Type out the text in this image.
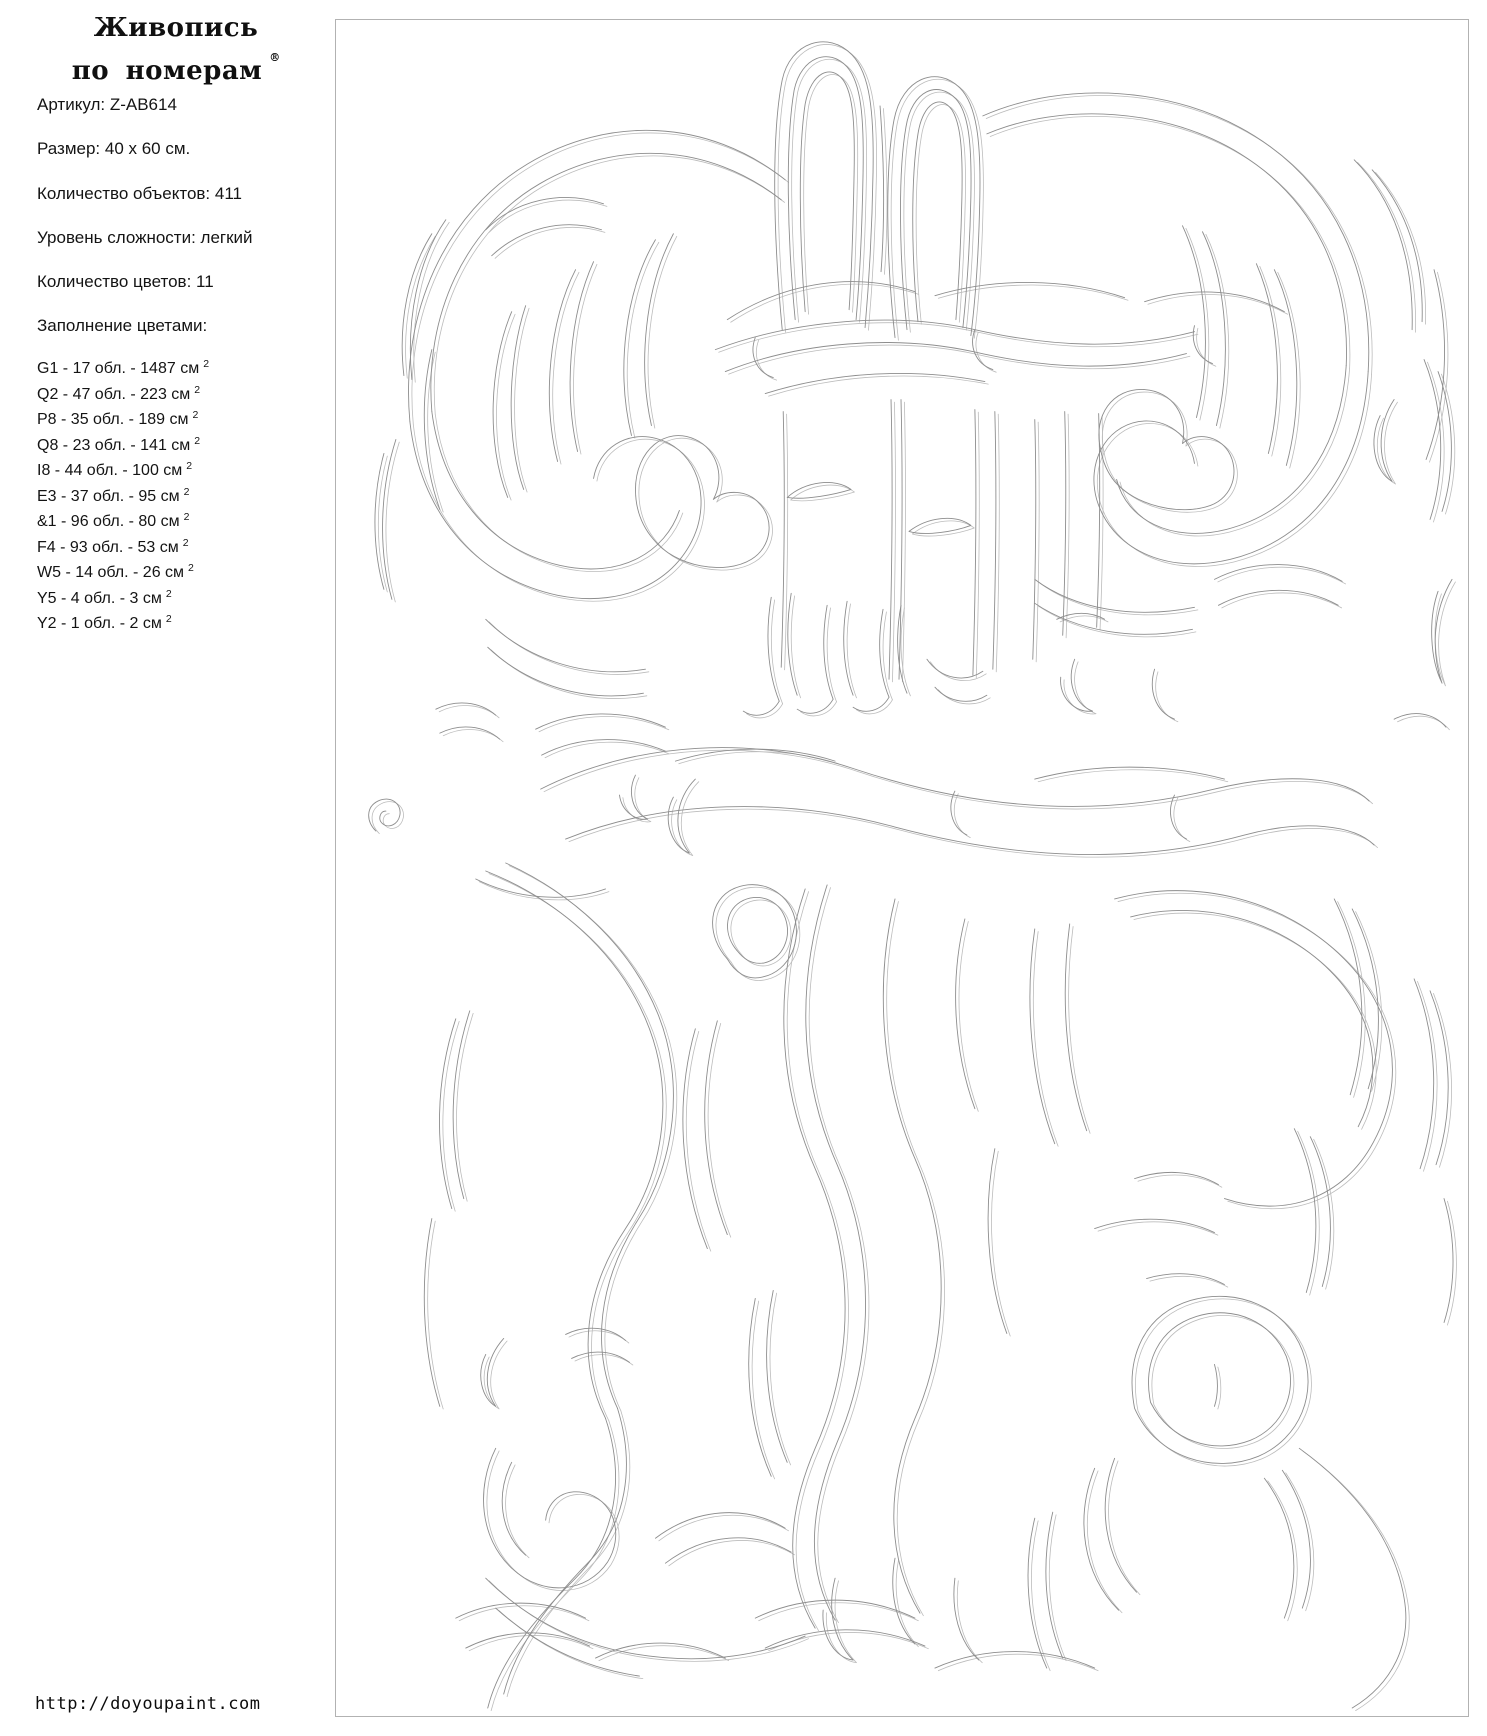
Живопись
по номерам ®
Артикул: Z-AB614
Размер: 40 x 60 см.
Количество объектов: 411
Уровень сложности: легкий
Количество цветов: 11
Заполнение цветами:
G1 - 17 обл. - 1487 см $^2$
Q2 - 47 обл. - 223 см $^2$
P8 - 35 обл. - 189 см $^2$
Q8 - 23 обл. - 141 см $^2$
I8 - 44 обл. - 100 см $^2$
E3 - 37 обл. - 95 см $^2$
&1 - 96 обл. - 80 см $^2$
F4 - 93 обл. - 53 см $^2$
W5 - 14 обл. - 26 см $^2$
Y5 - 4 обл. - 3 см $^2$
Y2 - 1 обл. - 2 см $^2$
http://doyoupaint.com
